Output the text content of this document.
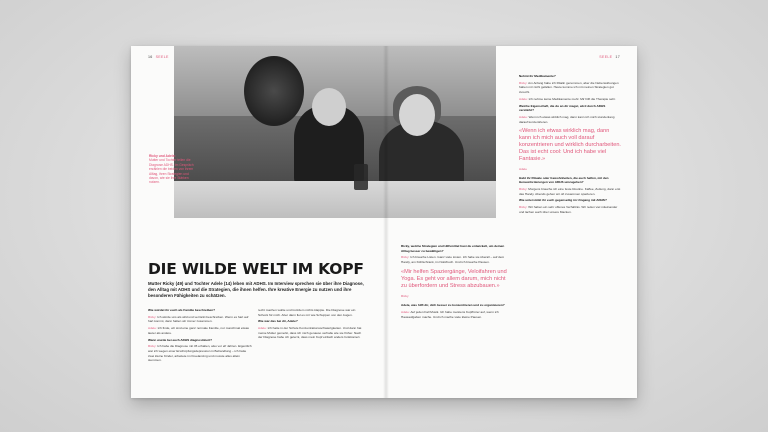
16 SEELE	SEELE 17
Ricky und Adele:
Mutter und Tochter teilen die Diagnose ADHS. Im Gespräch erzählen die beiden von ihrem Alltag, ihren Strategien und davon, wie sie ihre Stärken nutzen.
DIE WILDE WELT IM KOPF
Mutter Ricky (49) und Tochter Adele (14) leben mit ADHS. Im Interview sprechen sie über ihre Diagnose, den Alltag mit ADHS und die Strategien, die ihnen helfen. Ihre kreative Energie zu nutzen und ihre besonderen Fähigkeiten zu schätzen.

Wie würdet ihr euch als Familie beschreiben?

Ricky: Ich würde uns als wild und verrückt beschreiben. Wenn es hart auf hart kommt, dann halten wir immer zusammen.

Adele: Ich finde, wir sind eine ganz normale Familie, nur manchmal etwas lauter als andere.

Wann wurde bei euch ADHS diagnostiziert?

Ricky: Ich habe die Diagnose mit 45 erhalten, also vor elf Jahren. Eigentlich war ich wegen einer Erschöpfungsdepression in Behandlung – ich hatte zwei kleine Kinder, arbeitete im Freelancing und musste alles allein stemmen.

recht machen wollte und trotzdem nichts klappte. Die Diagnose war ein Schock für mich. Aber dann fiel es mir wie Schuppen von den Augen.

Wie war das bei dir, Adele?

Adele: Ich hatte in der Schule Konzentrationsschwierigkeiten. Und dann hat meine Mutter gemerkt, dass ich mich genauso verhalte wie sie früher. Nach der Diagnose habe ich gelernt, dass mein Kopf einfach anders funktioniert.

Ricky, welche Strategien und Hilfsmittel hast du entwickelt, um deinen Alltag besser zu bewältigen?

Ricky: Ich brauche Listen. Ganz viele Listen. Ich habe sie überall – auf dem Handy, am Kühlschrank, im Notizbuch. Und ich brauche Pausen.

«Mir helfen Spaziergänge, Veloifahren und Yoga. Es geht vor allem darum, mich nicht zu überfordern und Stress abzubauen.»
Ricky

Adele, was hilft dir, dich besser zu konzentrieren und zu organisieren?

Adele: Auf jeden Fall Musik. Ich habe meistens Kopfhörer auf, wenn ich Hausaufgaben mache. Und ich mache viele kleine Pausen.

Nehmt ihr Medikamente?

Ricky: Am Anfang habe ich Ritalin genommen, aber die Nebenwirkungen haben mir nicht gefallen. Heute komme ich mit meinen Strategien gut zurecht.

Adele: Ich nehme keine Medikamente mehr. Mir hilft die Therapie sehr.

Welche Eigenschaft, die du an dir magst, wird durch ADHS verstärkt?

Adele: Wenn ich etwas wirklich mag, dann kann ich mich stundenlang darauf konzentrieren.

«Wenn ich etwas wirklich mag, dann kann ich mich auch voll darauf konzentrieren und wirklich durcharbeiten. Das ist echt cool: Und ich habe viel Fantasie.»
Adele

Habt ihr Rituale oder Gewohnheiten, die euch helfen, mit den Herausforderungen von ADHS umzugehen?

Ricky: Morgens brauche ich eine feste Routine. Kaffee, Zeitung, dann erst das Handy. Abends gehen wir oft zusammen spazieren.

Wie unterstützt ihr euch gegenseitig im Umgang mit ADHS?

Ricky: Wir haben ein sehr offenes Verhältnis. Wir reden viel miteinander und lachen auch über unsere Macken.
